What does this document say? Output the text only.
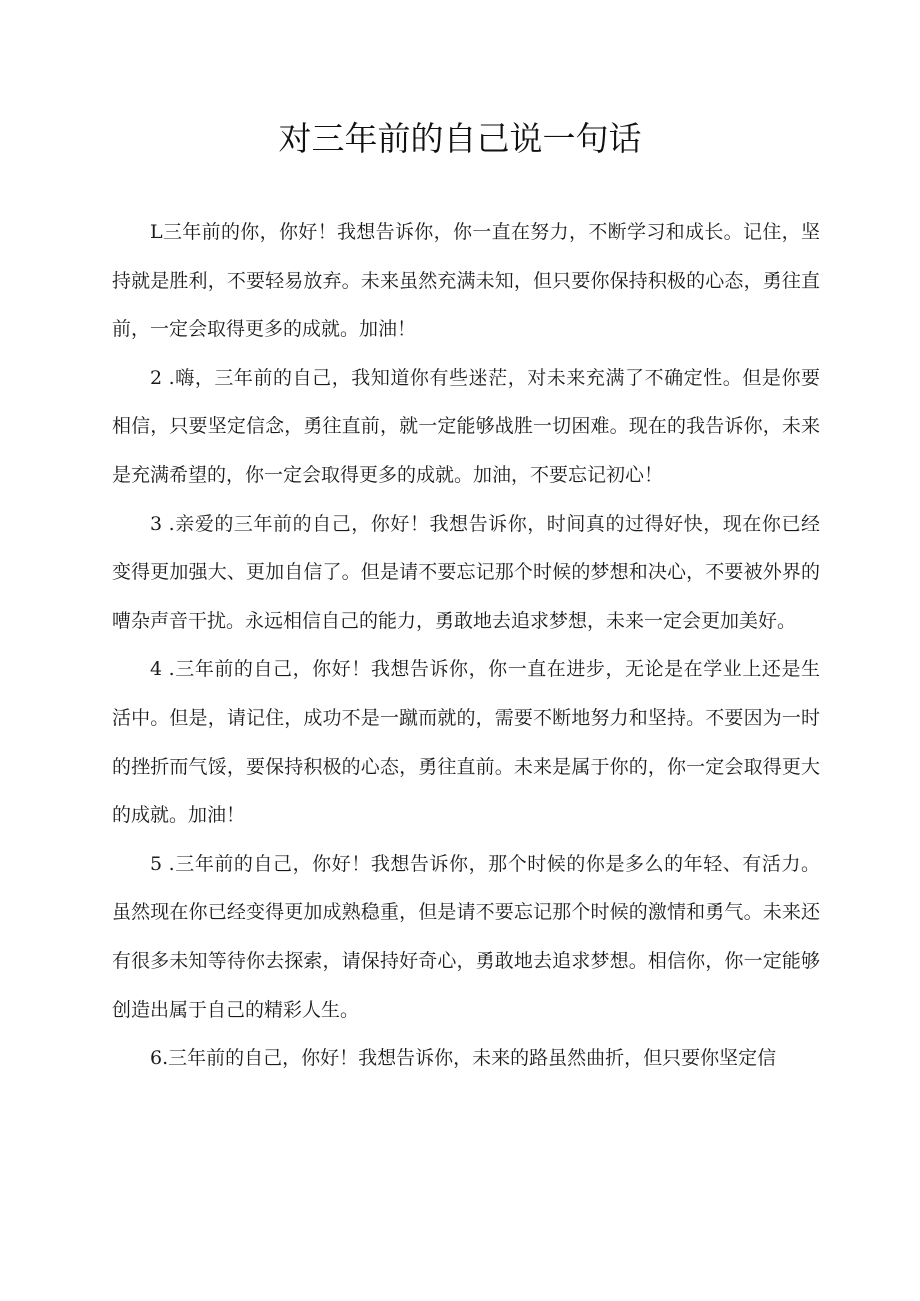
对三年前的自己说一句话

L三年前的你，你好！我想告诉你，你一直在努力，不断学习和成长。记住，坚持就是胜利，不要轻易放弃。未来虽然充满未知，但只要你保持积极的心态，勇往直前，一定会取得更多的成就。加油！

2 .嗨，三年前的自己，我知道你有些迷茫，对未来充满了不确定性。但是你要相信，只要坚定信念，勇往直前，就一定能够战胜一切困难。现在的我告诉你，未来是充满希望的，你一定会取得更多的成就。加油，不要忘记初心！

3 .亲爱的三年前的自己，你好！我想告诉你，时间真的过得好快，现在你已经变得更加强大、更加自信了。但是请不要忘记那个时候的梦想和决心，不要被外界的嘈杂声音干扰。永远相信自己的能力，勇敢地去追求梦想，未来一定会更加美好。

4 .三年前的自己，你好！我想告诉你，你一直在进步，无论是在学业上还是生活中。但是，请记住，成功不是一蹴而就的，需要不断地努力和坚持。不要因为一时的挫折而气馁，要保持积极的心态，勇往直前。未来是属于你的，你一定会取得更大的成就。加油！

5 .三年前的自己，你好！我想告诉你，那个时候的你是多么的年轻、有活力。虽然现在你已经变得更加成熟稳重，但是请不要忘记那个时候的激情和勇气。未来还有很多未知等待你去探索，请保持好奇心，勇敢地去追求梦想。相信你，你一定能够创造出属于自己的精彩人生。

6.三年前的自己，你好！我想告诉你，未来的路虽然曲折，但只要你坚定信
